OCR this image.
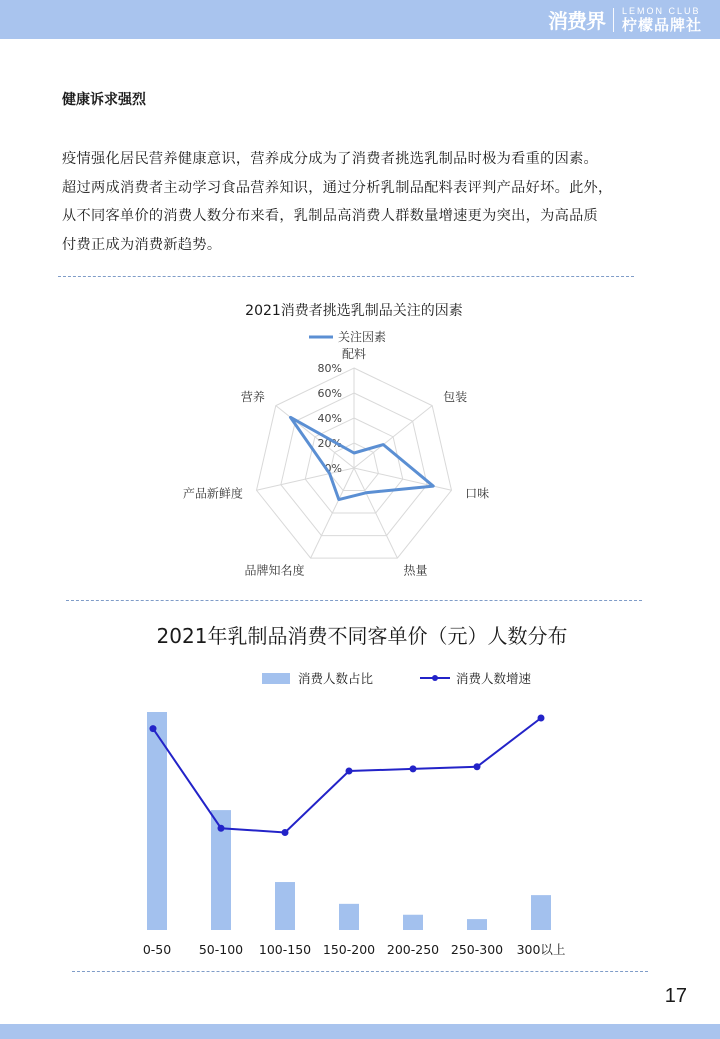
消费界 LEMON CLUB
柠檬品牌社
健康诉求强烈

疫情强化居民营养健康意识，营养成分成为了消费者挑选乳制品时极为看重的因素。

超过两成消费者主动学习食品营养知识，通过分析乳制品配料表评判产品好坏。此外，

从不同客单价的消费人数分布来看，乳制品高消费人群数量增速更为突出，为高品质

付费正成为消费新趋势。

2021消费者挑选乳制品关注的因素
关注因素
0%
20%
40%
60%
80%
配料
包装
口味
热量
品牌知名度
产品新鲜度
营养
2021年乳制品消费不同客单价（元）人数分布
消费人数占比	消费人数增速
0-50 50-100 100-150 150-200 200-250 250-300 300以上
17
